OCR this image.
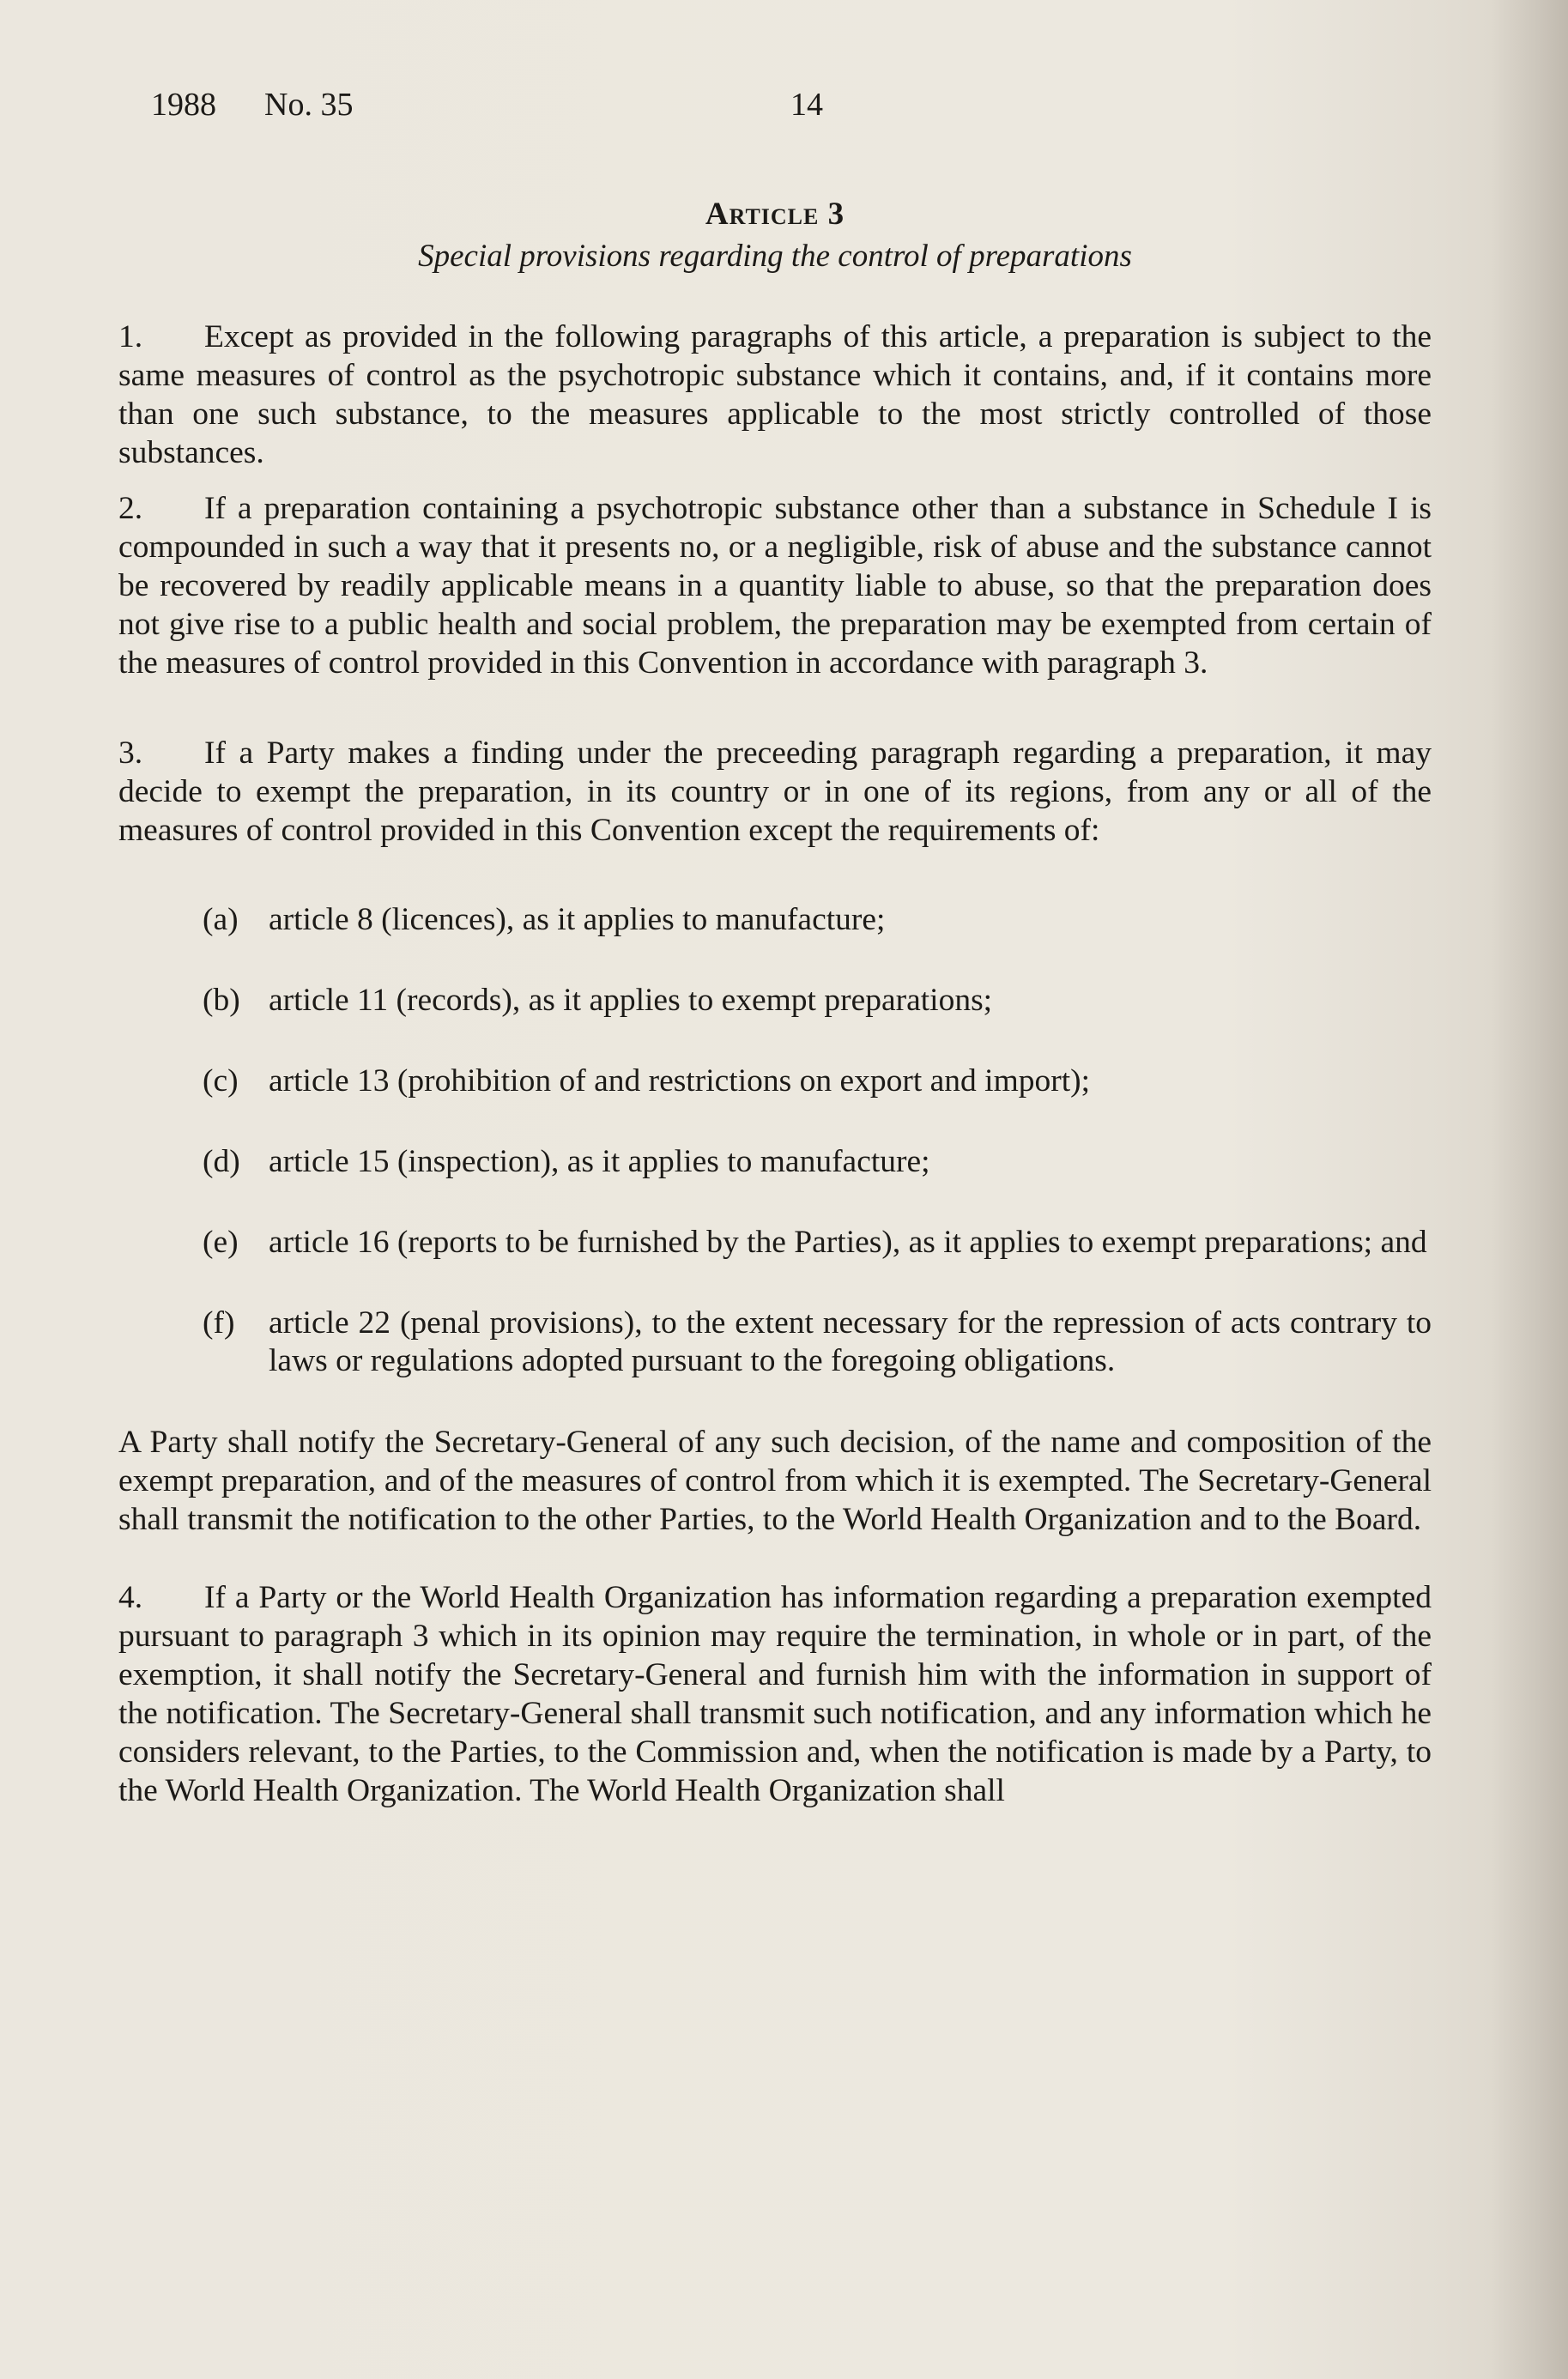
1988 No. 35	14
Article 3

Special provisions regarding the control of preparations

1. Except as provided in the following paragraphs of this article, a preparation is subject to the same measures of control as the psychotropic substance which it contains, and, if it contains more than one such substance, to the measures applicable to the most strictly controlled of those substances.

2. If a preparation containing a psychotropic substance other than a substance in Schedule I is compounded in such a way that it presents no, or a negligible, risk of abuse and the substance cannot be recovered by readily applicable means in a quantity liable to abuse, so that the preparation does not give rise to a public health and social problem, the preparation may be exempted from certain of the measures of control provided in this Convention in accordance with paragraph 3.

3. If a Party makes a finding under the preceeding paragraph regarding a preparation, it may decide to exempt the preparation, in its country or in one of its regions, from any or all of the measures of control provided in this Convention except the requirements of:

(a) article 8 (licences), as it applies to manufacture;
(b) article 11 (records), as it applies to exempt preparations;
(c) article 13 (prohibition of and restrictions on export and import);
(d) article 15 (inspection), as it applies to manufacture;
(e) article 16 (reports to be furnished by the Parties), as it applies to exempt preparations; and
(f)	article 22 (penal provisions), to the extent necessary for the repression of acts contrary to laws or regulations adopted pursuant to the foregoing obligations.

A Party shall notify the Secretary-General of any such decision, of the name and composition of the exempt preparation, and of the measures of control from which it is exempted. The Secretary-General shall transmit the notification to the other Parties, to the World Health Organization and to the Board.

4. If a Party or the World Health Organization has information regarding a preparation exempted pursuant to paragraph 3 which in its opinion may require the termination, in whole or in part, of the exemption, it shall notify the Secretary-General and furnish him with the information in support of the notification. The Secretary-General shall transmit such notification, and any information which he considers relevant, to the Parties, to the Commission and, when the notification is made by a Party, to the World Health Organization. The World Health Organization shall
